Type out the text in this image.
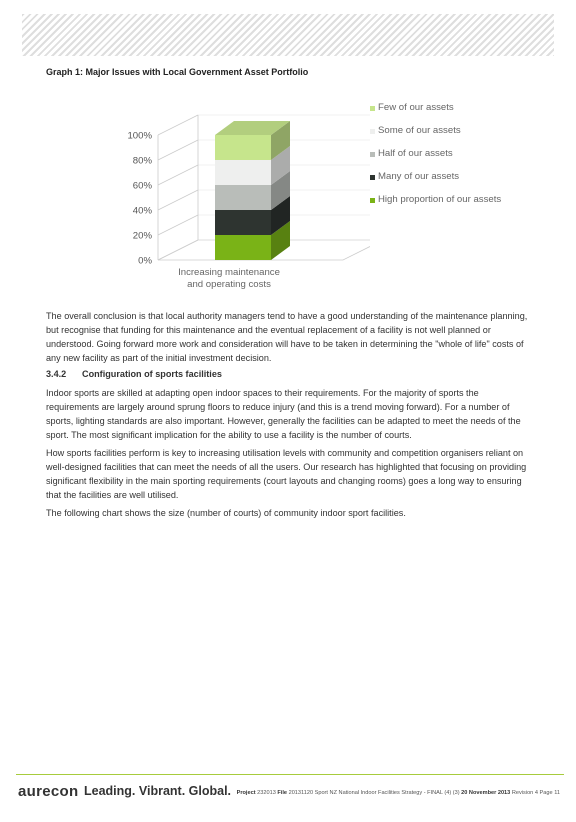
Graph 1: Major Issues with Local Government Asset Portfolio
0%
20%
40%
60%
80%
100%
Increasing maintenance
and operating costs
Few of our assets
Some of our assets
Half of our assets
Many of our assets
High proportion of our assets

The overall conclusion is that local authority managers tend to have a good understanding of the maintenance planning, but recognise that funding for this maintenance and the eventual replacement of a facility is not well planned or understood. Going forward more work and consideration will have to be taken in determining the "whole of life" costs of any new facility as part of the initial investment decision.

3.4.2 Configuration of sports facilities

Indoor sports are skilled at adapting open indoor spaces to their requirements. For the majority of sports the requirements are largely around sprung floors to reduce injury (and this is a trend moving forward). For a number of sports, lighting standards are also important. However, generally the facilities can be adapted to meet the needs of the sport. The most significant implication for the ability to use a facility is the number of courts.

How sports facilities perform is key to increasing utilisation levels with community and competition organisers reliant on well-designed facilities that can meet the needs of all the users. Our research has highlighted that focusing on providing significant flexibility in the main sporting requirements (court layouts and changing rooms) goes a long way to ensuring that the facilities are well utilised.

The following chart shows the size (number of courts) of community indoor sport facilities.

aurecon Leading. Vibrant. Global. Project 232013 File 20131120 Sport NZ National Indoor Facilities Strategy - FINAL (4) (3) 20 November 2013 Revision 4 Page 11
